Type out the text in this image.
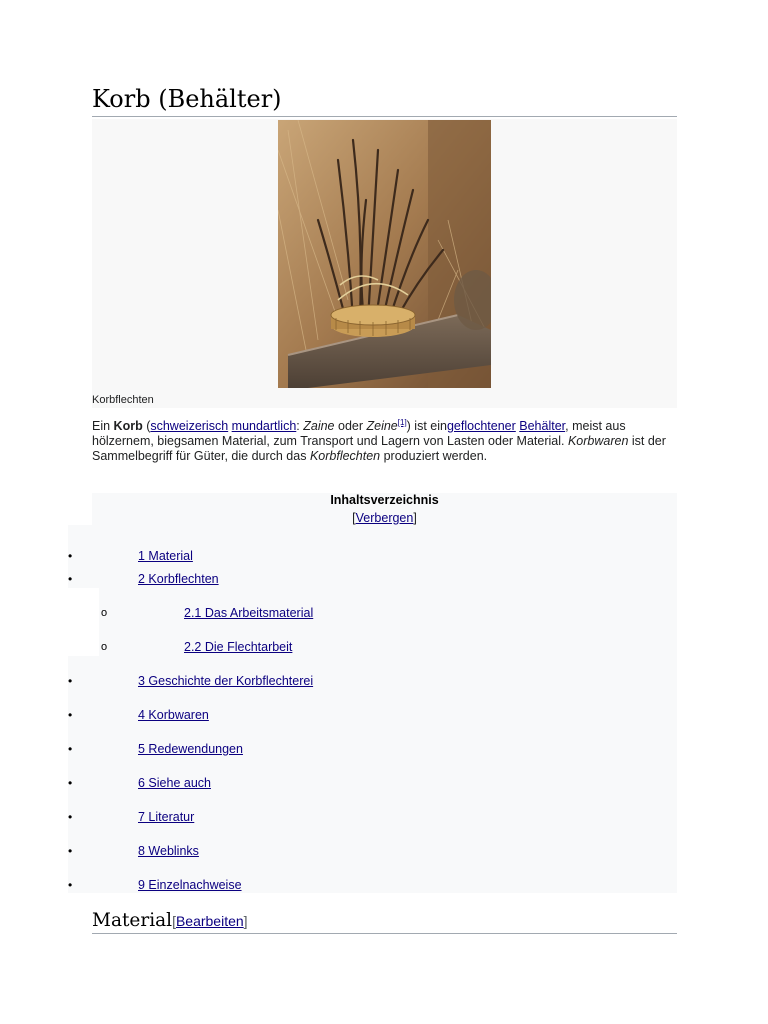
Korb (Behälter)
Korbflechten

Ein Korb (schweizerisch mundartlich: Zaine oder Zeine[1]) ist eingeflochtener Behälter, meist aus hölzernem, biegsamen Material, zum Transport und Lagern von Lasten oder Material. Korbwaren ist der Sammelbegriff für Güter, die durch das Korbflechten produziert werden.

Inhaltsverzeichnis
[Verbergen]
•	1 Material
•	2 Korbflechten
o	2.1 Das Arbeitsmaterial
o	2.2 Die Flechtarbeit
•	3 Geschichte der Korbflechterei
•	4 Korbwaren
•	5 Redewendungen
•	6 Siehe auch
•	7 Literatur
•	8 Weblinks
•	9 Einzelnachweise
Material[Bearbeiten]
